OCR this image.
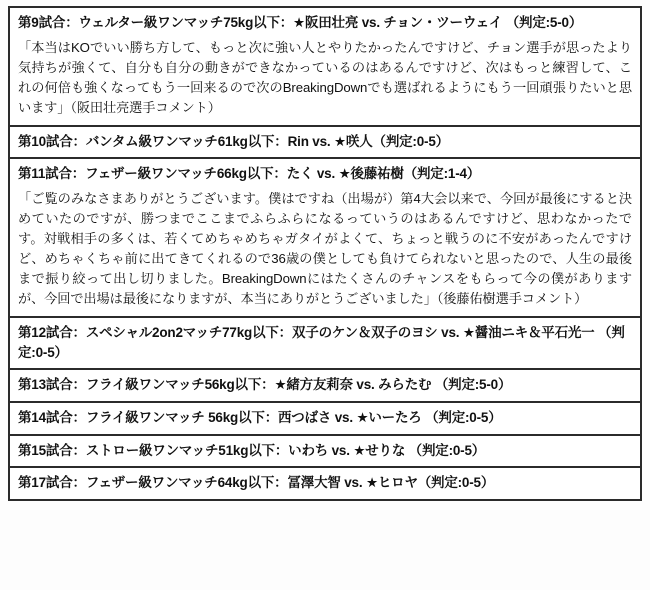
第9試合：ウェルター級ワンマッチ75kg以下：★阪田壮亮 vs. チョン・ツーウェイ （判定:5-0）
「本当はKOでいい勝ち方して、もっと次に強い人とやりたかったんですけど、チョン選手が思ったより気持ちが強くて、自分も自分の動きができなかっているのはあるんですけど、次はもっと練習して、これの何倍も強くなってもう一回来るので次のBreakingDownでも選ばれるようにもう一回頑張りたいと思います」（阪田壮亮選手コメント）
第10試合：バンタム級ワンマッチ61kg以下：Rin vs. ★咲人（判定:0-5）
第11試合：フェザー級ワンマッチ66kg以下：たく vs. ★後藤祐樹（判定:1-4）
「ご覧のみなさまありがとうございます。僕はですね（出場が）第4大会以来で、今回が最後にすると決めていたのですが、勝つまでここまでふらふらになるっていうのはあるんですけど、思わなかったです。対戦相手の多くは、若くてめちゃめちゃガタイがよくて、ちょっと戦うのに不安があったんですけど、めちゃくちゃ前に出てきてくれるので36歳の僕としても負けてられないと思ったので、人生の最後まで振り絞って出し切りました。BreakingDownにはたくさんのチャンスをもらって今の僕がありますが、今回で出場は最後になりますが、本当にありがとうございました」（後藤佑樹選手コメント）
第12試合：スペシャル2on2マッチ77kg以下：双子のケン＆双子のヨシ vs. ★醤油ニキ＆平石光一 （判定:0-5）
第13試合：フライ級ワンマッチ56kg以下：★緒方友莉奈 vs. みらたむ （判定:5-0）
第14試合：フライ級ワンマッチ 56kg以下：西つばさ vs. ★いーたろ （判定:0-5）
第15試合：ストロー級ワンマッチ51kg以下：いわち vs. ★せりな （判定:0-5）
第17試合：フェザー級ワンマッチ64kg以下：冨澤大智 vs. ★ヒロヤ（判定:0-5）
